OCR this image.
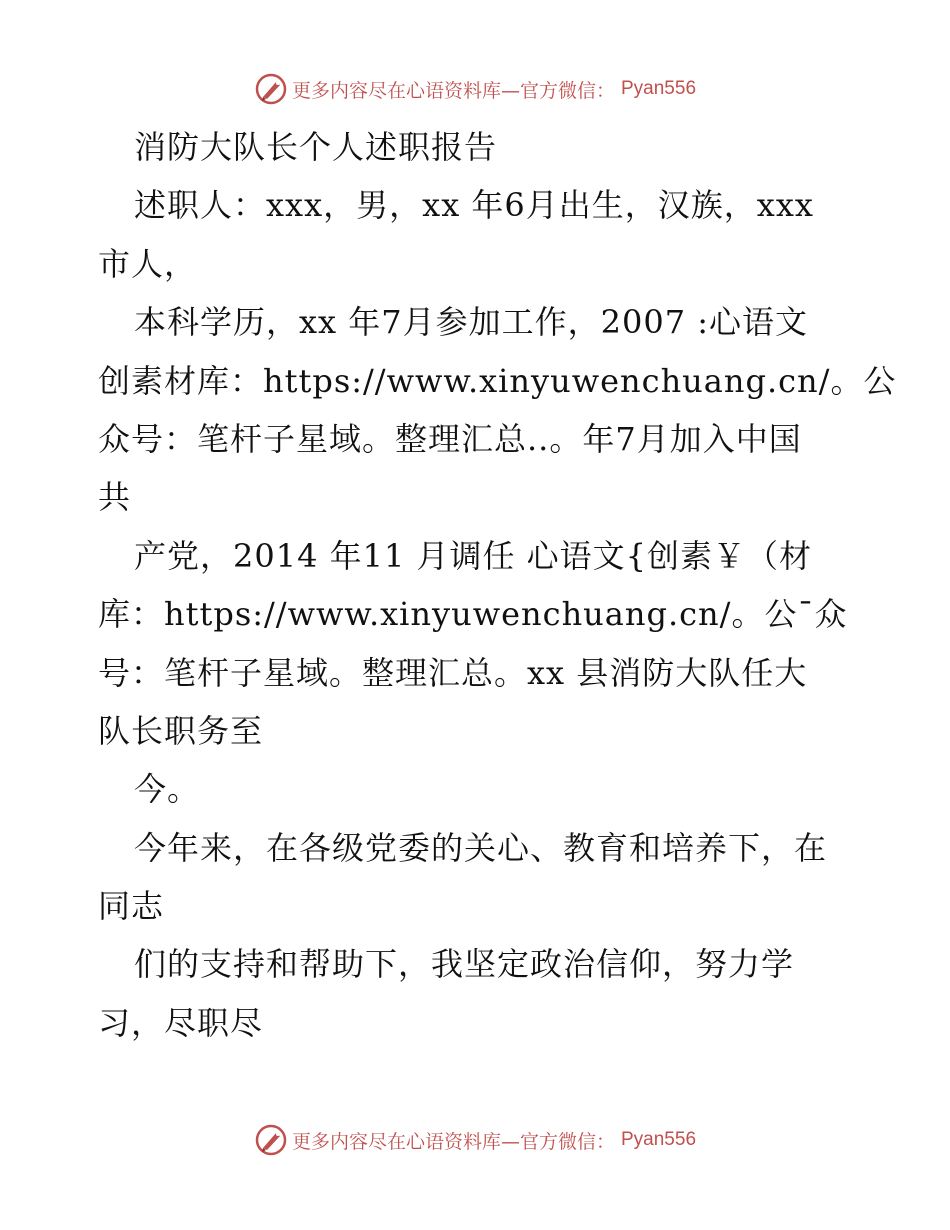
更多内容尽在心语资料库—官方微信： Pyan556
消防大队长个人述职报告
述职人：xxx，男，xx 年6月出生，汉族，xxx
市人，
本科学历，xx 年7月参加工作，2007 :心语文
创素材库：https://www.xinyuwenchuang.cn/。公
众号：笔杆子星域。整理汇总..。年7月加入中国
共
产党，2014 年11 月调任 心语文{创素￥（材
库：https://www.xinyuwenchuang.cn/。公¯众
号：笔杆子星域。整理汇总。xx 县消防大队任大
队长职务至
今。
今年来，在各级党委的关心、教育和培养下，在
同志
们的支持和帮助下，我坚定政治信仰，努力学
习，尽职尽
更多内容尽在心语资料库—官方微信： Pyan556
